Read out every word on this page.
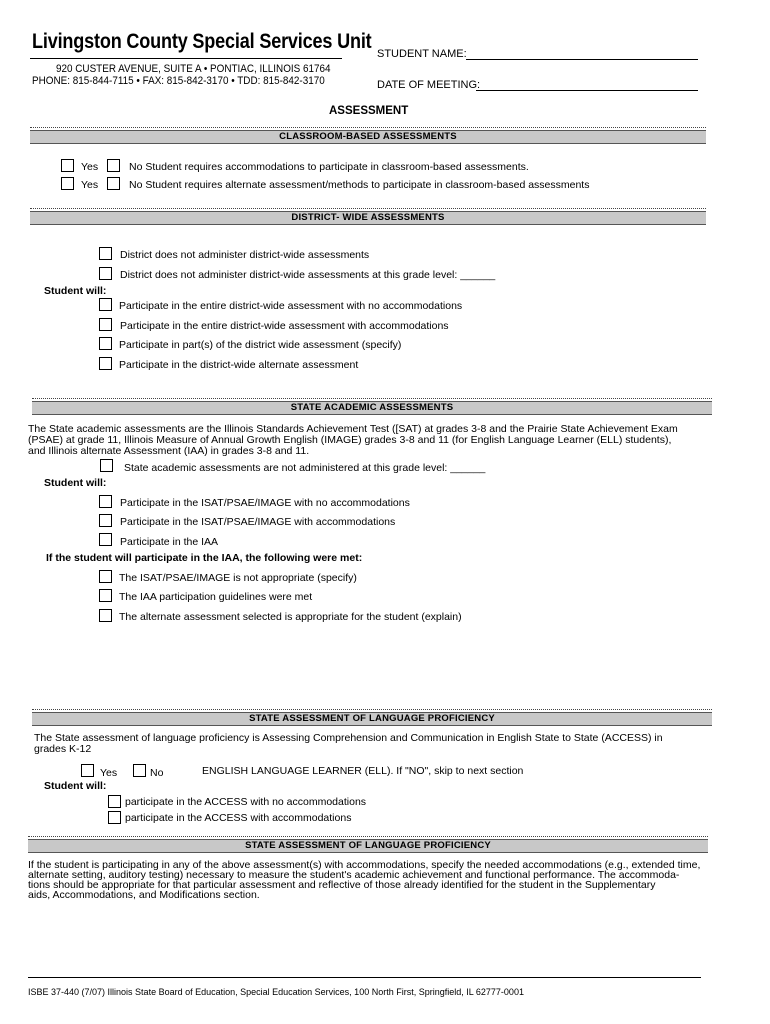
Livingston County Special Services Unit
920 CUSTER AVENUE, SUITE A • PONTIAC, ILLINOIS 61764
PHONE: 815-844-7115 • FAX: 815-842-3170 • TDD: 815-842-3170
STUDENT NAME:
DATE OF MEETING:
ASSESSMENT
CLASSROOM-BASED ASSESSMENTS
Yes	No Student requires accommodations to participate in classroom-based assessments.
Yes	No Student requires alternate assessment/methods to participate in classroom-based assessments
DISTRICT- WIDE ASSESSMENTS
District does not administer district-wide assessments
District does not administer district-wide assessments at this grade level: ______
Student will:
Participate in the entire district-wide assessment with no accommodations
Participate in the entire district-wide assessment with accommodations
Participate in part(s) of the district wide assessment (specify)
Participate in the district-wide alternate assessment
STATE ACADEMIC ASSESSMENTS
The State academic assessments are the Illinois Standards Achievement Test ([SAT) at grades 3-8 and the Prairie State Achievement Exam
(PSAE) at grade 11, Illinois Measure of Annual Growth English (IMAGE) grades 3-8 and 11 (for English Language Learner (ELL) students),
and Illinois alternate Assessment (IAA) in grades 3-8 and 11.
State academic assessments are not administered at this grade level: ______
Student will:
Participate in the ISAT/PSAE/IMAGE with no accommodations
Participate in the ISAT/PSAE/IMAGE with accommodations
Participate in the IAA
If the student will participate in the IAA, the following were met:
The ISAT/PSAE/IMAGE is not appropriate (specify)
The IAA participation guidelines were met
The alternate assessment selected is appropriate for the student (explain)
STATE ASSESSMENT OF LANGUAGE PROFICIENCY
The State assessment of language proficiency is Assessing Comprehension and Communication in English State to State (ACCESS) in
grades K-12
Yes	No	ENGLISH LANGUAGE LEARNER (ELL). If "NO", skip to next section
Student will:
participate in the ACCESS with no accommodations
participate in the ACCESS with accommodations
STATE ASSESSMENT OF LANGUAGE PROFICIENCY
If the student is participating in any of the above assessment(s) with accommodations, specify the needed accommodations (e.g., extended time,
alternate setting, auditory testing) necessary to measure the student's academic achievement and functional performance. The accommoda-
tions should be appropriate for that particular assessment and reflective of those already identified for the student in the Supplementary
aids, Accommodations, and Modifications section.
ISBE 37-440 (7/07) Illinois State Board of Education, Special Education Services, 100 North First, Springfield, IL 62777-0001
